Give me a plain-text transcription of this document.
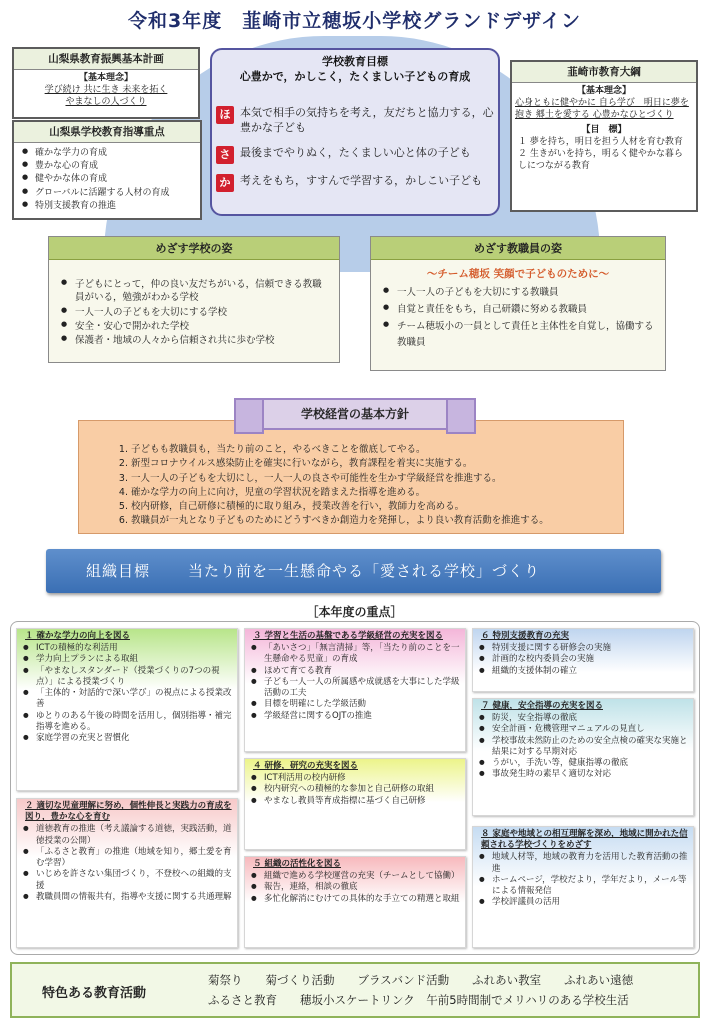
令和3年度　韮崎市立穂坂小学校グランドデザイン
山梨県教育振興基本計画
【基本理念】
学び続け 共に生き 未来を拓く
やまなしの人づくり
山梨県学校教育指導重点
● 確かな学力の育成
● 豊かな心の育成
● 健やかな体の育成
● グローバルに活躍する人材の育成
● 特別支援教育の推進
学校教育目標
心豊かで，かしこく，たくましい子どもの育成
ほ 本気で相手の気持ちを考え，友だちと協力する，心豊かな子ども
さ 最後までやりぬく，たくましい心と体の子ども
か 考えをもち，すすんで学習する，かしこい子ども
韮崎市教育大綱
【基本理念】
心身ともに健やかに 自ら学び　明日に夢を抱き 郷土を愛する 心豊かなひとづくり
【目　標】
１ 夢を持ち，明日を担う人材を育む教育
２ 生きがいを持ち，明るく健やかな暮らしにつながる教育
めざす学校の姿
● 子どもにとって，仲の良い友だちがいる，信頼できる教職員がいる，勉強がわかる学校
● 一人一人の子どもを大切にする学校
● 安全・安心で開かれた学校
● 保護者・地域の人々から信頼され共に歩む学校
めざす教職員の姿
～チーム穂坂 笑顔で子どものために～
● 一人一人の子どもを大切にする教職員
● 自覚と責任をもち，自己研鑽に努める教職員
● チーム穂坂小の一員として責任と主体性を自覚し，協働する教職員
1. 子どもも教職員も，当たり前のこと，やるべきことを徹底してやる。
2. 新型コロナウイルス感染防止を確実に行いながら，教育課程を着実に実施する。
3. 一人一人の子どもを大切にし，一人一人の良さや可能性を生かす学級経営を推進する。
4. 確かな学力の向上に向け，児童の学習状況を踏まえた指導を進める。
5. 校内研修，自己研修に積極的に取り組み，授業改善を行い，教師力を高める。
6. 教職員が一丸となり子どものためにどうすべきか創造力を発揮し，より良い教育活動を推進する。
学校経営の基本方針
組織目標	当たり前を一生懸命やる「愛される学校」づくり
［本年度の重点］
１ 確かな学力の向上を図る
● ICTの積極的な利活用
● 学力向上プランによる取組
● 「やまなしスタンダード（授業づくりの7つの視点）」による授業づくり
● 「主体的・対話的で深い学び」の視点による授業改善
● ゆとりのある午後の時間を活用し，個別指導・補完指導を進める。
● 家庭学習の充実と習慣化
２ 適切な児童理解に努め，個性伸長と実践力の育成を図り，豊かな心を育む
● 道徳教育の推進（考え議論する道徳，実践活動，道徳授業の公開）
● 「ふるさと教育」の推進（地域を知り，郷土愛を育む学習）
● いじめを許さない集団づくり，不登校への組織的支援
● 教職員間の情報共有，指導や支援に関する共通理解
３ 学習と生活の基盤である学級経営の充実を図る
● 「あいさつ」「無言清掃」等，「当たり前のことを一生懸命やる児童」の育成
● ほめて育てる教育
● 子ども一人一人の所属感や成就感を大事にした学級活動の工夫
● 目標を明確にした学級活動
● 学級経営に関するOJTの推進
４ 研修，研究の充実を図る
● ICT利活用の校内研修
● 校内研究への積極的な参加と自己研修の取組
● やまなし教員等育成指標に基づく自己研修
５ 組織の活性化を図る
● 組織で進める学校運営の充実（チームとして協働）
● 報告，連絡，相談の徹底
● 多忙化解消にむけての具体的な手立ての精選と取組
６ 特別支援教育の充実
● 特別支援に関する研修会の実施
● 計画的な校内委員会の実施
● 組織的支援体制の確立
７ 健康，安全指導の充実を図る
● 防災，安全指導の徹底
● 安全計画・危機管理マニュアルの見直し
● 学校事故未然防止のための安全点検の確実な実施と結果に対する早期対応
● うがい，手洗い等，健康指導の徹底
● 事故発生時の素早く適切な対応
８ 家庭や地域との相互理解を深め，地域に開かれた信頼される学校づくりをめざす
● 地域人材等，地域の教育力を活用した教育活動の推進
● ホームページ，学校だより，学年だより，メール等による情報発信
● 学校評議員の活用
特色ある教育活動
菊祭り　　菊づくり活動　　ブラスバンド活動　　ふれあい教室　　ふれあい遠徳
ふるさと教育　　穂坂小スケートリンク　午前5時間制でメリハリのある学校生活
